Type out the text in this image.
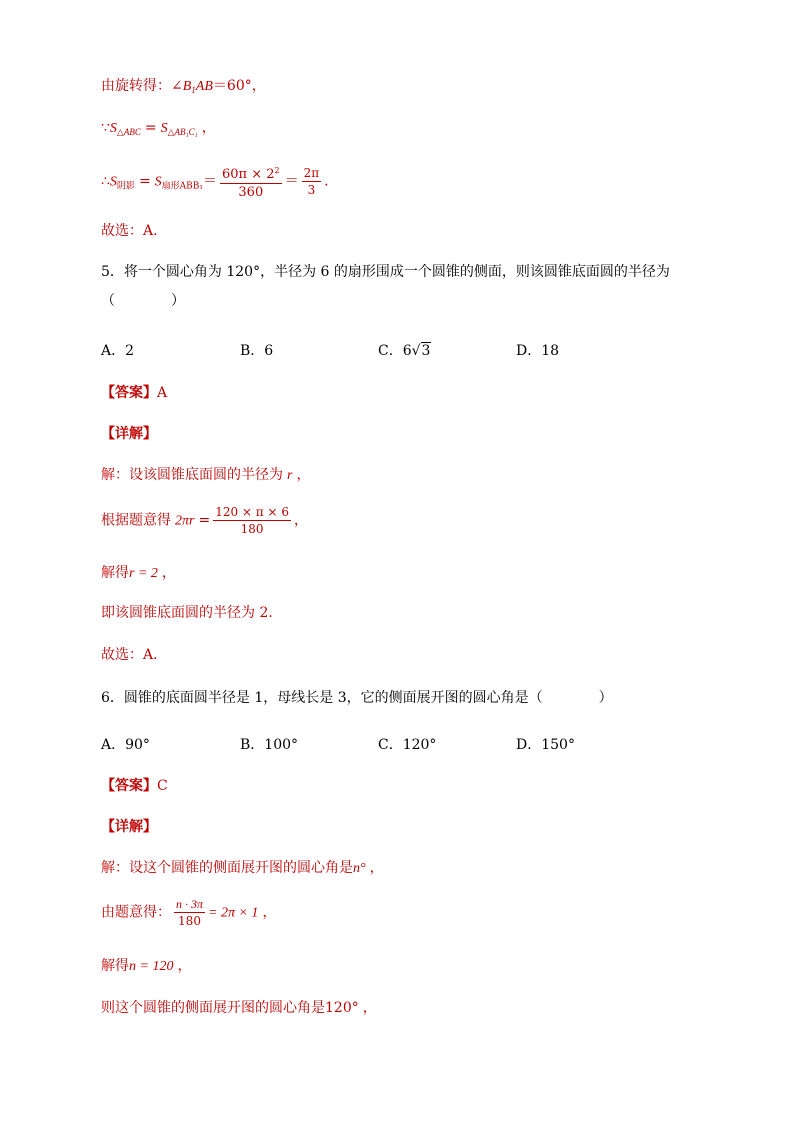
由旋转得：$\angle B_1AB=60^\circ$，
$\because S_{\triangle ABC} = S_{\triangle AB_1C_1}$ ，
$\therefore S_{阴影} = S_{扇形ABB_1}= \frac{60\pi \times 2^2}{360} = \frac{2\pi}{3}$ .
故选：A.
5．将一个圆心角为 120°，半径为 6 的扇形围成一个圆锥的侧面，则该圆锥底面圆的半径为
（　　　　）
A．2	B．6	C．6√3	D．18
【答案】A
【详解】
解：设该圆锥底面圆的半径为 r ，
根据题意得 $2\pi r = \frac{120 \times \pi \times 6}{180}$ ，
解得r = 2 ，
即该圆锥底面圆的半径为 2．
故选：A．
6．圆锥的底面圆半径是 1，母线长是 3，它的侧面展开图的圆心角是（　　　　）
A．90°	B．100°	C．120°	D．150°
【答案】C
【详解】
解：设这个圆锥的侧面展开图的圆心角是n° ，
由题意得： $\frac{n \cdot 3\pi}{180} = 2\pi \times 1$ ，
解得n = 120 ，
则这个圆锥的侧面展开图的圆心角是120° ，
